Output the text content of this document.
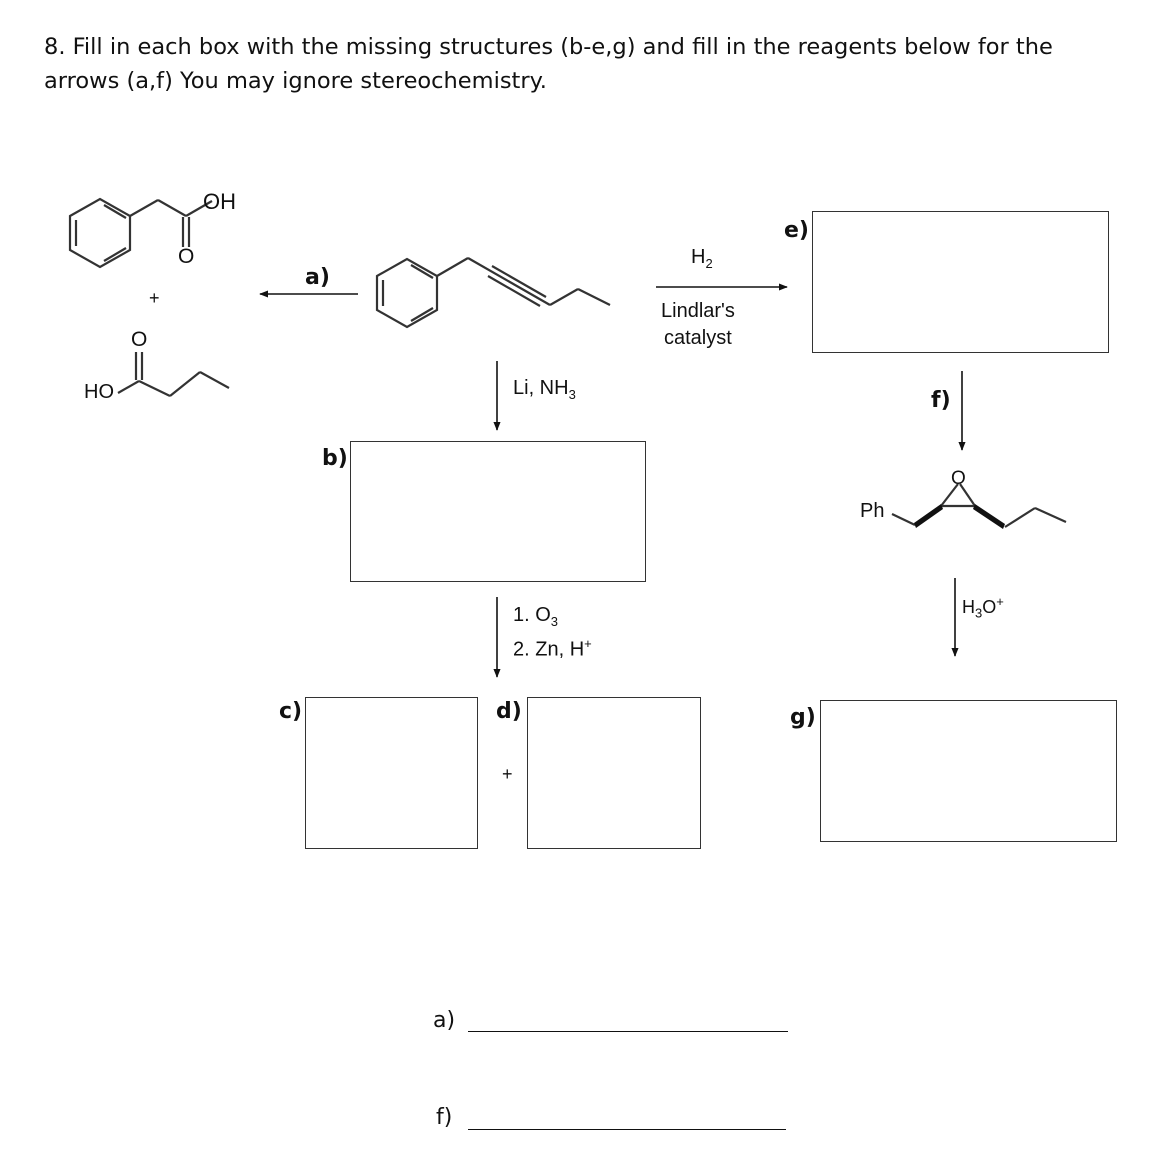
8. Fill in each box with the missing structures (b-e,g) and fill in the reagents below for the
arrows (a,f) You may ignore stereochemistry.

OH
O
+
O
HO
O
Ph
a)
b)
c)	d)
e)
f)
g)
$H_2$
Lindlar's
catalyst
Li, $NH_3$
1. $O_3$
2. Zn, H+
$H_3O^+$
+
a)
f)
